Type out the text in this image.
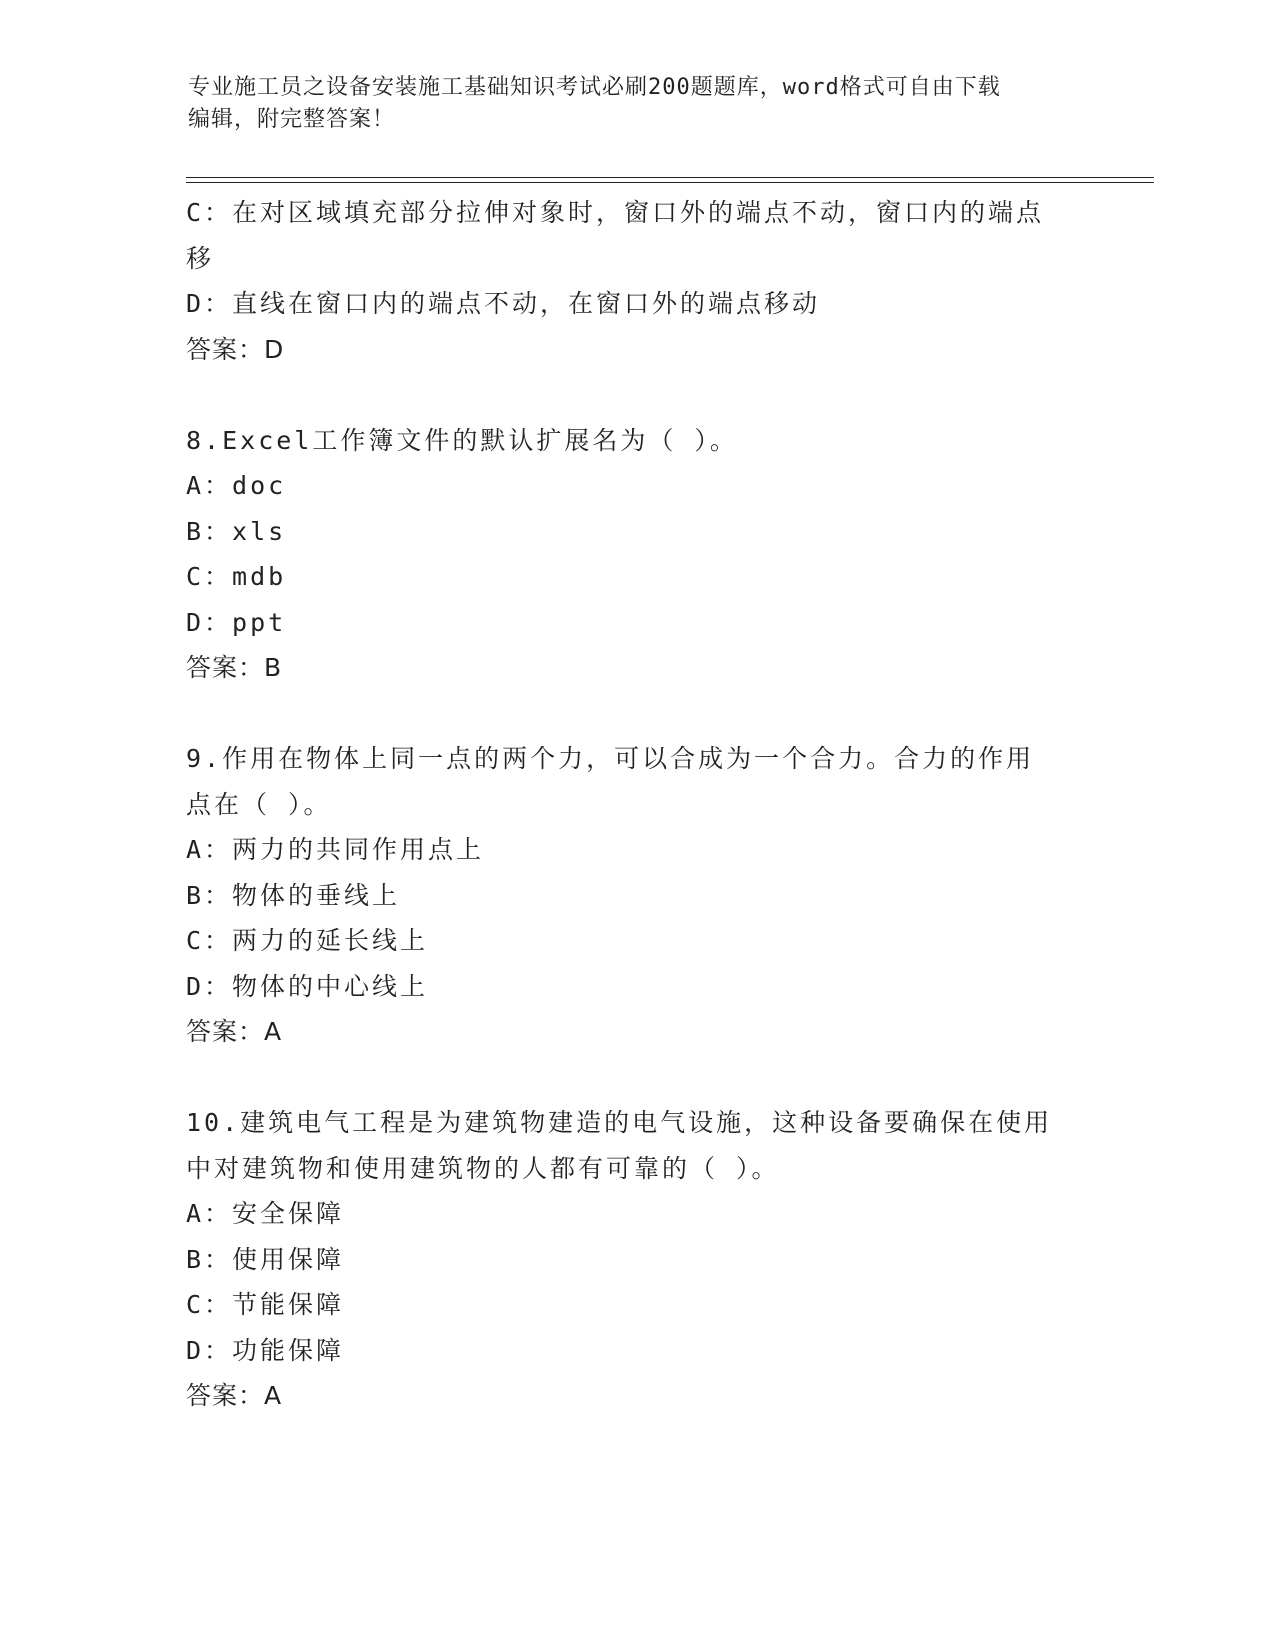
专业施工员之设备安装施工基础知识考试必刷200题题库，word格式可自由下载
编辑，附完整答案！
C：在对区域填充部分拉伸对象时，窗口外的端点不动，窗口内的端点
移
D：直线在窗口内的端点不动，在窗口外的端点移动
答案：D
8.Excel工作簿文件的默认扩展名为（ ）。
A：doc
B：xls
C：mdb
D：ppt
答案：B
9.作用在物体上同一点的两个力，可以合成为一个合力。合力的作用
点在（ ）。
A：两力的共同作用点上
B：物体的垂线上
C：两力的延长线上
D：物体的中心线上
答案：A
10.建筑电气工程是为建筑物建造的电气设施，这种设备要确保在使用
中对建筑物和使用建筑物的人都有可靠的（ ）。
A：安全保障
B：使用保障
C：节能保障
D：功能保障
答案：A
